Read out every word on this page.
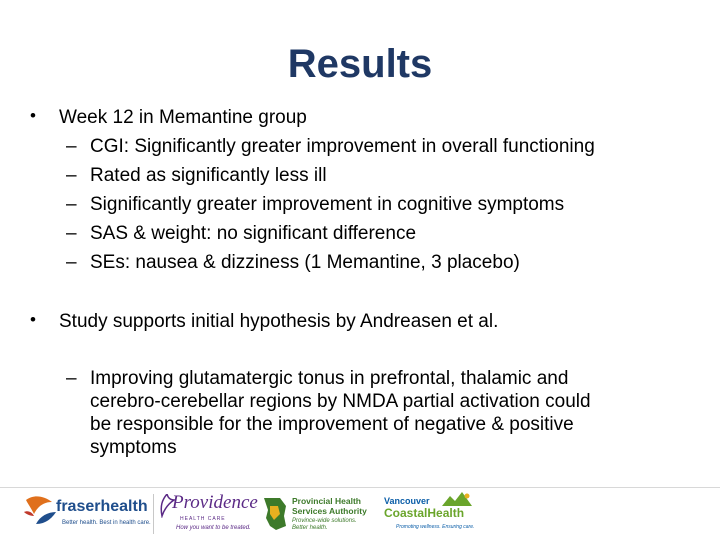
Results
• Week 12 in Memantine group
– CGI: Significantly greater improvement in overall functioning
– Rated as significantly less ill
– Significantly greater improvement in cognitive symptoms
– SAS & weight: no significant difference
– SEs: nausea & dizziness (1 Memantine, 3 placebo)
• Study supports initial hypothesis by Andreasen et al.
– Improving glutamatergic tonus in prefrontal, thalamic and
cerebro-cerebellar regions by NMDA partial activation could
be responsible for the improvement of negative & positive
symptoms
fraserhealth
Better health. Best in health care.
Providence
HEALTH CARE
How you want to be treated.
Provincial Health
Services Authority
Province-wide solutions.
Better health.
Vancouver
CoastalHealth
Promoting wellness. Ensuring care.
